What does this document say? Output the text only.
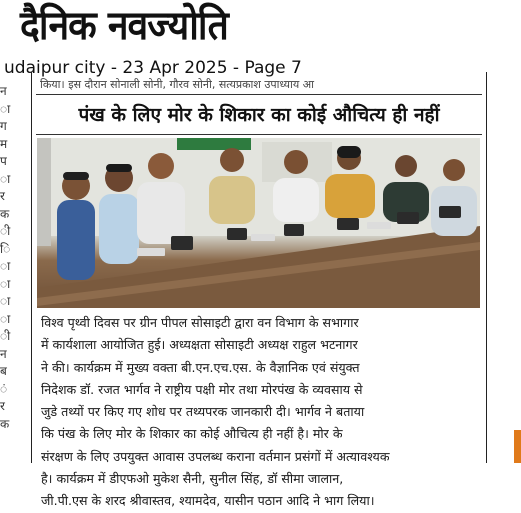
दैनिक नवज्योति
udaipur city - 23 Apr 2025 - Page 7
न
ा
ग
म
प
ा
र
क
ी
ि
ा
ा
ा
ा
ी
न
ब
ं
र
क
किया। इस दौरान सोनाली सोनी, गौरव सोनी, सत्यप्रकाश उपाध्याय आ
पंख के लिए मोर के शिकार का कोई औचित्य ही नहीं
विश्व पृथ्वी दिवस पर ग्रीन पीपल सोसाइटी द्वारा वन विभाग के सभागार
में कार्यशाला आयोजित हुई। अध्यक्षता सोसाइटी अध्यक्ष राहुल भटनागर
ने की। कार्यक्रम में मुख्य वक्ता बी.एन.एच.एस. के वैज्ञानिक एवं संयुक्त
निदेशक डॉ. रजत भार्गव ने राष्ट्रीय पक्षी मोर तथा मोरपंख के व्यवसाय से
जुडे तथ्यों पर किए गए शोध पर तथ्यपरक जानकारी दी। भार्गव ने बताया
कि पंख के लिए मोर के शिकार का कोई औचित्य ही नहीं है। मोर के
संरक्षण के लिए उपयुक्त आवास उपलब्ध कराना वर्तमान प्रसंगों में अत्यावश्यक
है। कार्यक्रम में डीएफओ मुकेश सैनी, सुनील सिंह, डॉ सीमा जालान,
जी.पी.एस के शरद श्रीवास्तव, श्यामदेव, यासीन पठान आदि ने भाग लिया।
